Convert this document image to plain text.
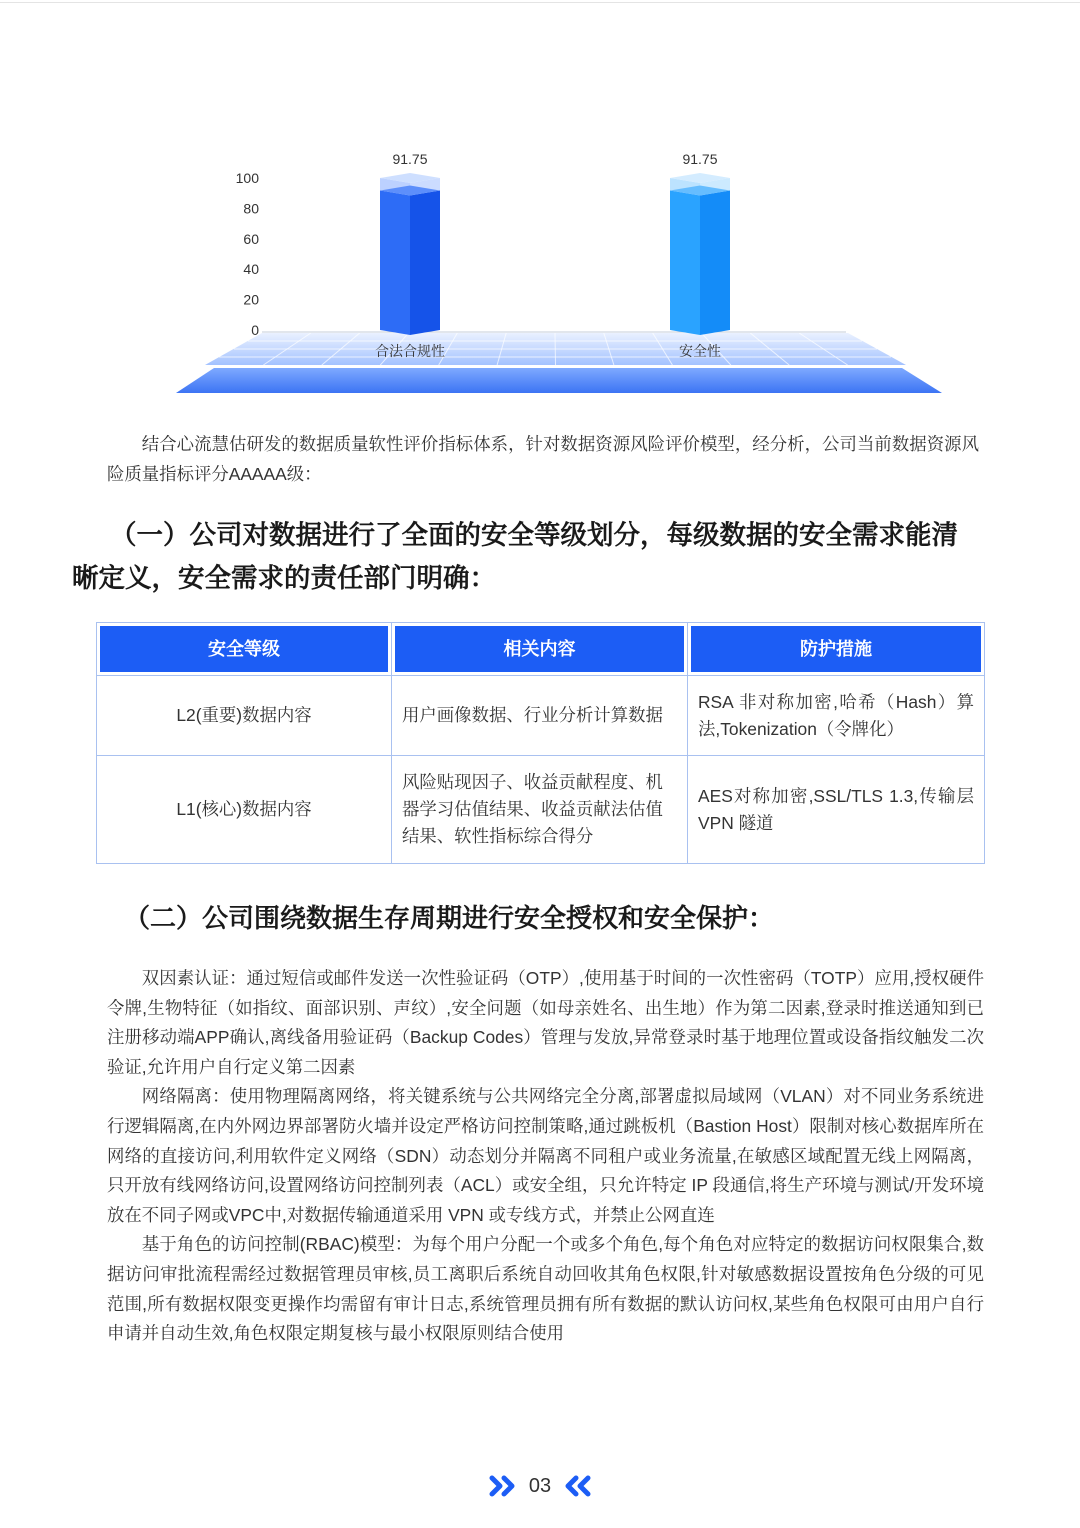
0
20
40
60
80
100
91.75
合法合规性
91.75
安全性

结合心流慧估研发的数据质量软性评价指标体系，针对数据资源风险评价模型，经分析，公司当前数据资源风险质量指标评分AAAAA级：

（一）公司对数据进行了全面的安全等级划分，每级数据的安全需求能清晰定义，安全需求的责任部门明确：
安全等级	相关内容	防护措施

L2(重要)数据内容	用户画像数据、行业分析计算数据	RSA 非对称加密,哈希（Hash）算法,Tokenization（令牌化）
L1(核心)数据内容	风险贴现因子、收益贡献程度、机器学习估值结果、收益贡献法估值结果、软性指标综合得分	AES对称加密,SSL/TLS 1.3,传输层 VPN 隧道
（二）公司围绕数据生存周期进行安全授权和安全保护：

双因素认证：通过短信或邮件发送一次性验证码（OTP）,使用基于时间的一次性密码（TOTP）应用,授权硬件令牌,生物特征（如指纹、面部识别、声纹）,安全问题（如母亲姓名、出生地）作为第二因素,登录时推送通知到已注册移动端APP确认,离线备用验证码（Backup Codes）管理与发放,异常登录时基于地理位置或设备指纹触发二次验证,允许用户自行定义第二因素

网络隔离：使用物理隔离网络，将关键系统与公共网络完全分离,部署虚拟局域网（VLAN）对不同业务系统进行逻辑隔离,在内外网边界部署防火墙并设定严格访问控制策略,通过跳板机（Bastion Host）限制对核心数据库所在网络的直接访问,利用软件定义网络（SDN）动态划分并隔离不同租户或业务流量,在敏感区域配置无线上网隔离，只开放有线网络访问,设置网络访问控制列表（ACL）或安全组，只允许特定 IP 段通信,将生产环境与测试/开发环境放在不同子网或VPC中,对数据传输通道采用 VPN 或专线方式，并禁止公网直连

基于角色的访问控制(RBAC)模型：为每个用户分配一个或多个角色,每个角色对应特定的数据访问权限集合,数据访问审批流程需经过数据管理员审核,员工离职后系统自动回收其角色权限,针对敏感数据设置按角色分级的可见范围,所有数据权限变更操作均需留有审计日志,系统管理员拥有所有数据的默认访问权,某些角色权限可由用户自行申请并自动生效,角色权限定期复核与最小权限原则结合使用

03
